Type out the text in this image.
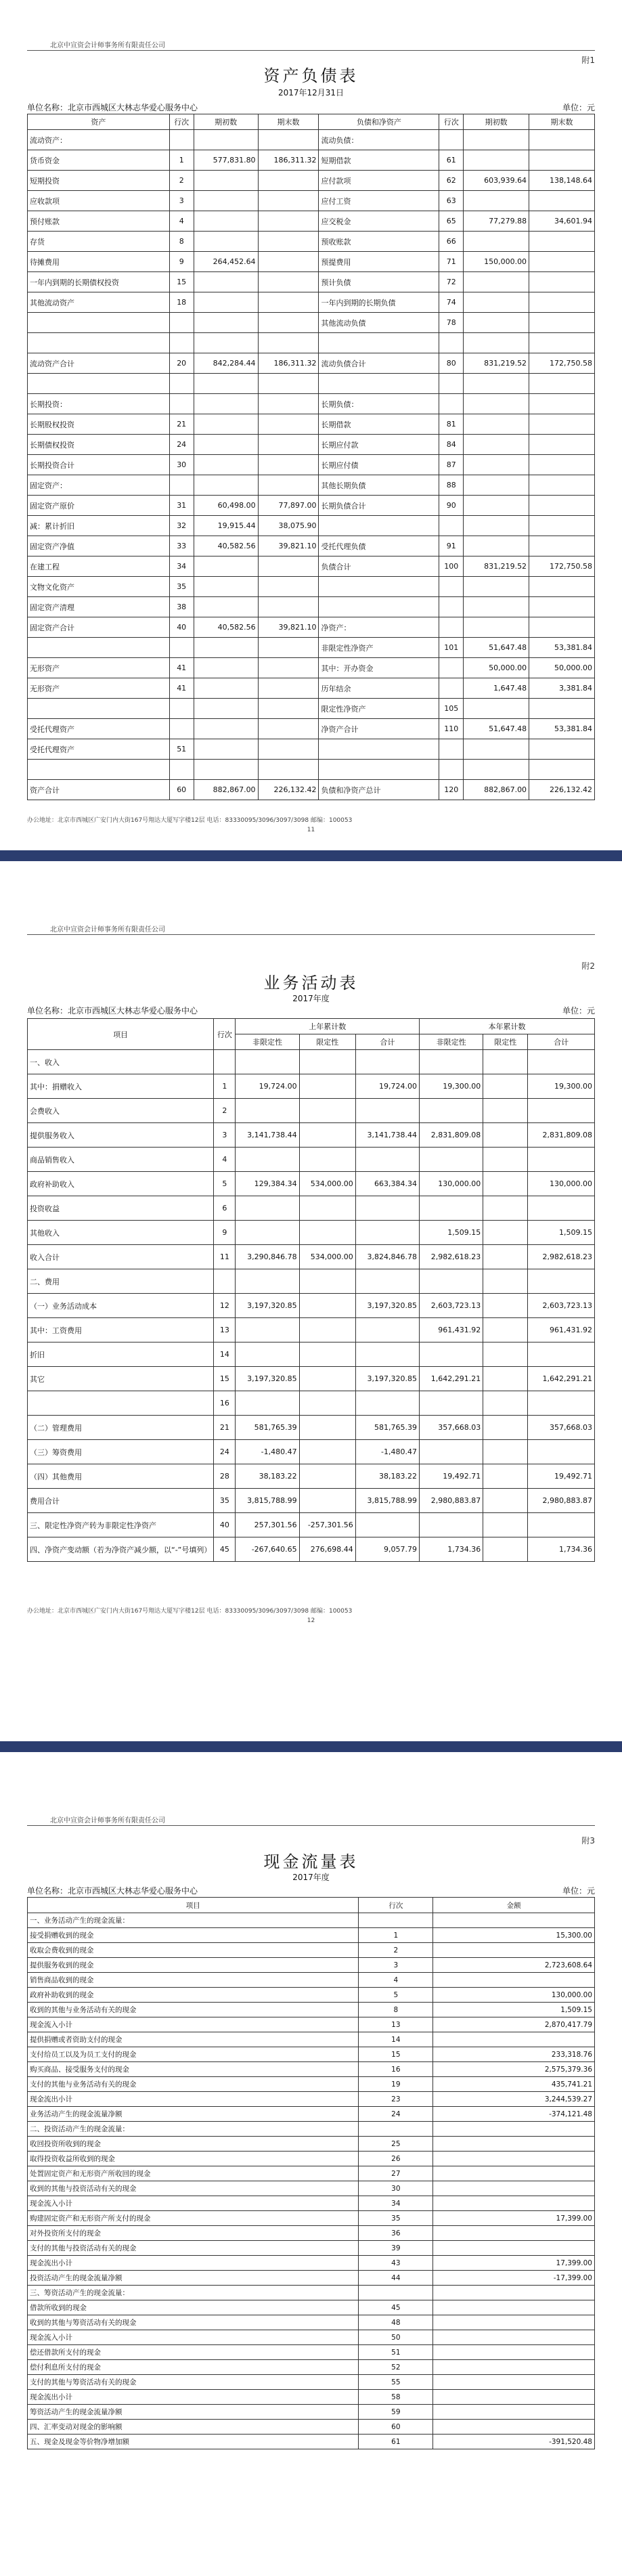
北京中宣资会计师事务所有限责任公司
附1
资产负债表
2017年12月31日
单位名称：北京市西城区大林志华爱心服务中心	单位：元
资产	行次	期初数	期末数	负债和净资产	行次	期初数	期末数
流动资产：				流动负债：			
货币资金	1	577,831.80	186,311.32	短期借款	61		
短期投资	2			应付款项	62	603,939.64	138,148.64
应收款项	3			应付工资	63		
预付账款	4			应交税金	65	77,279.88	34,601.94
存货	8			预收账款	66		
待摊费用	9	264,452.64		预提费用	71	150,000.00	
一年内到期的长期债权投资	15			预计负债	72		
其他流动资产	18			一年内到期的长期负债	74		
				其他流动负债	78		

流动资产合计	20	842,284.44	186,311.32	流动负债合计	80	831,219.52	172,750.58

长期投资：				长期负债：			
长期股权投资	21			长期借款	81		
长期债权投资	24			长期应付款	84		
长期投资合计	30			长期应付债	87		
固定资产：				其他长期负债	88		
固定资产原价	31	60,498.00	77,897.00	长期负债合计	90		
减：累计折旧	32	19,915.44	38,075.90				
固定资产净值	33	40,582.56	39,821.10	受托代理负债	91		
在建工程	34			负债合计	100	831,219.52	172,750.58
文物文化资产	35						
固定资产清理	38						
固定资产合计	40	40,582.56	39,821.10	净资产：			
				非限定性净资产	101	51,647.48	53,381.84
无形资产	41			其中：开办资金		50,000.00	50,000.00
无形资产	41			历年结余		1,647.48	3,381.84
				限定性净资产	105		
受托代理资产				净资产合计	110	51,647.48	53,381.84
受托代理资产	51						

资产合计	60	882,867.00	226,132.42	负债和净资产总计	120	882,867.00	226,132.42
办公地址：北京市西城区广安门内大街167号翔达大厦写字楼12层 电话：83330095/3096/3097/3098 邮编：100053
11
北京中宣资会计师事务所有限责任公司
附2
业务活动表
2017年度
单位名称：北京市西城区大林志华爱心服务中心	单位：元
项目	行次	上年累计数			本年累计数		
		非限定性	限定性	合计	非限定性	限定性	合计
一、收入							
其中：捐赠收入	1	19,724.00		19,724.00	19,300.00		19,300.00
会费收入	2						
提供服务收入	3	3,141,738.44		3,141,738.44	2,831,809.08		2,831,809.08
商品销售收入	4						
政府补助收入	5	129,384.34	534,000.00	663,384.34	130,000.00		130,000.00
投资收益	6						
其他收入	9				1,509.15		1,509.15
收入合计	11	3,290,846.78	534,000.00	3,824,846.78	2,982,618.23		2,982,618.23
二、费用							
（一）业务活动成本	12	3,197,320.85		3,197,320.85	2,603,723.13		2,603,723.13
其中：工资费用	13				961,431.92		961,431.92
折旧	14						
其它	15	3,197,320.85		3,197,320.85	1,642,291.21		1,642,291.21
	16						
（二）管理费用	21	581,765.39		581,765.39	357,668.03		357,668.03
（三）筹资费用	24	-1,480.47		-1,480.47			
（四）其他费用	28	38,183.22		38,183.22	19,492.71		19,492.71
费用合计	35	3,815,788.99		3,815,788.99	2,980,883.87		2,980,883.87
三、限定性净资产转为非限定性净资产	40	257,301.56	-257,301.56				
四、净资产变动额（若为净资产减少额，以“-”号填列）	45	-267,640.65	276,698.44	9,057.79	1,734.36		1,734.36
办公地址：北京市西城区广安门内大街167号翔达大厦写字楼12层 电话：83330095/3096/3097/3098 邮编：100053
12
北京中宣资会计师事务所有限责任公司
附3
现金流量表
2017年度
单位名称：北京市西城区大林志华爱心服务中心	单位：元
项目	行次	金额
一、业务活动产生的现金流量：		
接受捐赠收到的现金	1	15,300.00
收取会费收到的现金	2	
提供服务收到的现金	3	2,723,608.64
销售商品收到的现金	4	
政府补助收到的现金	5	130,000.00
收到的其他与业务活动有关的现金	8	1,509.15
现金流入小计	13	2,870,417.79
提供捐赠或者资助支付的现金	14	
支付给员工以及为员工支付的现金	15	233,318.76
购买商品、接受服务支付的现金	16	2,575,379.36
支付的其他与业务活动有关的现金	19	435,741.21
现金流出小计	23	3,244,539.27
业务活动产生的现金流量净额	24	-374,121.48
二、投资活动产生的现金流量：		
收回投资所收到的现金	25	
取得投资收益所收到的现金	26	
处置固定资产和无形资产所收回的现金	27	
收到的其他与投资活动有关的现金	30	
现金流入小计	34	
购建固定资产和无形资产所支付的现金	35	17,399.00
对外投资所支付的现金	36	
支付的其他与投资活动有关的现金	39	
现金流出小计	43	17,399.00
投资活动产生的现金流量净额	44	-17,399.00
三、筹资活动产生的现金流量：		
借款所收到的现金	45	
收到的其他与筹资活动有关的现金	48	
现金流入小计	50	
偿还借款所支付的现金	51	
偿付利息所支付的现金	52	
支付的其他与筹资活动有关的现金	55	
现金流出小计	58	
筹资活动产生的现金流量净额	59	
四、汇率变动对现金的影响额	60	
五、现金及现金等价物净增加额	61	-391,520.48
